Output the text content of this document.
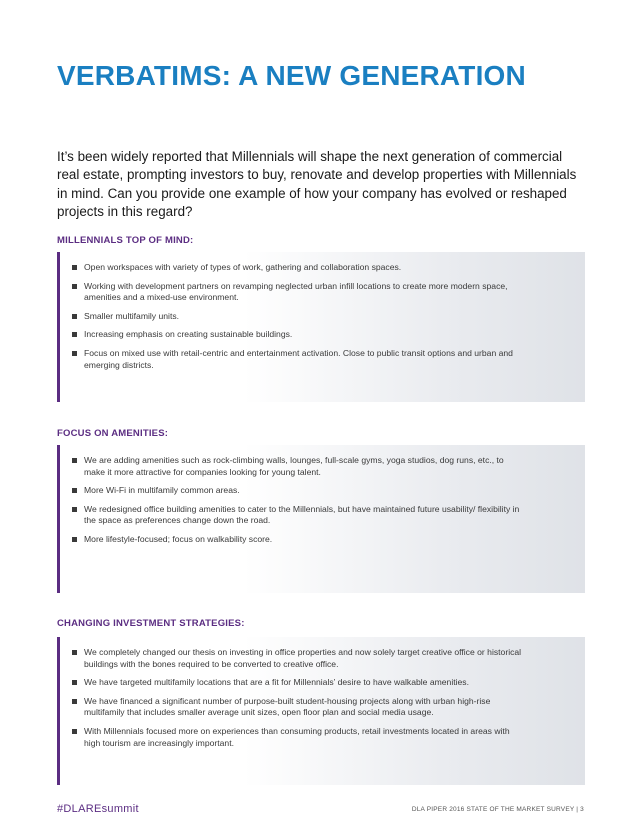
VERBATIMS: A NEW GENERATION

It’s been widely reported that Millennials will shape the next generation of commercial real estate, prompting investors to buy, renovate and develop properties with Millennials in mind. Can you provide one example of how your company has evolved or reshaped projects in this regard?

MILLENNIALS TOP OF MIND:
Open workspaces with variety of types of work, gathering and collaboration spaces.
Working with development partners on revamping neglected urban infill locations to create more modern space, amenities and a mixed-use environment.
Smaller multifamily units.
Increasing emphasis on creating sustainable buildings.
Focus on mixed use with retail-centric and entertainment activation. Close to public transit options and urban and emerging districts.
FOCUS ON AMENITIES:
We are adding amenities such as rock-climbing walls, lounges, full-scale gyms, yoga studios, dog runs, etc., to make it more attractive for companies looking for young talent.
More Wi-Fi in multifamily common areas.
We redesigned office building amenities to cater to the Millennials, but have maintained future usability/ flexibility in the space as preferences change down the road.
More lifestyle-focused; focus on walkability score.
CHANGING INVESTMENT STRATEGIES:
We completely changed our thesis on investing in office properties and now solely target creative office or historical buildings with the bones required to be converted to creative office.
We have targeted multifamily locations that are a fit for Millennials’ desire to have walkable amenities.
We have financed a significant number of purpose-built student-housing projects along with urban high-rise multifamily that includes smaller average unit sizes, open floor plan and social media usage.
With Millennials focused more on experiences than consuming products, retail investments located in areas with high tourism are increasingly important.
#DLAREsummit	DLA PIPER 2016 STATE OF THE MARKET SURVEY | 3
